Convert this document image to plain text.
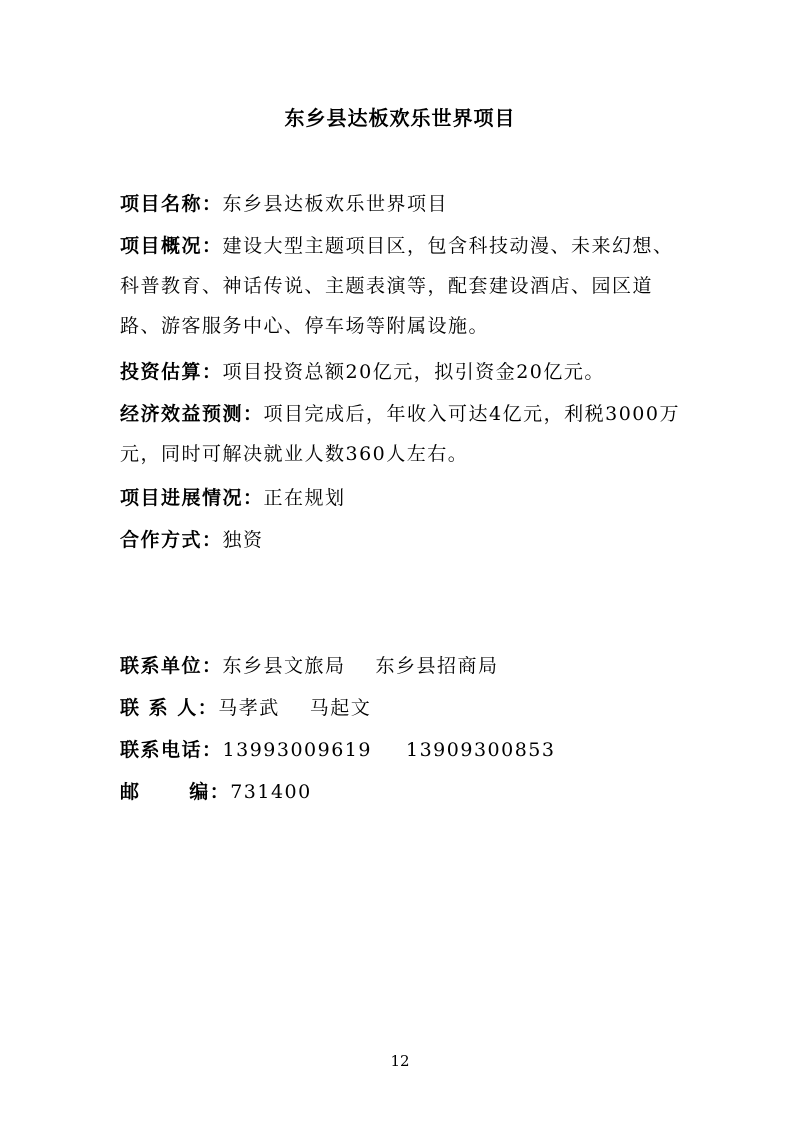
东乡县达板欢乐世界项目

项目名称：东乡县达板欢乐世界项目

项目概况：建设大型主题项目区，包含科技动漫、未来幻想、科普教育、神话传说、主题表演等，配套建设酒店、园区道路、游客服务中心、停车场等附属设施。

投资估算：项目投资总额20亿元，拟引资金20亿元。

经济效益预测：项目完成后，年收入可达4亿元，利税3000万元，同时可解决就业人数360人左右。

项目进展情况：正在规划

合作方式：独资

联系单位：东乡县文旅局 东乡县招商局

联 系 人：马孝武 马起文

联系电话：13993009619 13909300853

邮      编：731400

12
